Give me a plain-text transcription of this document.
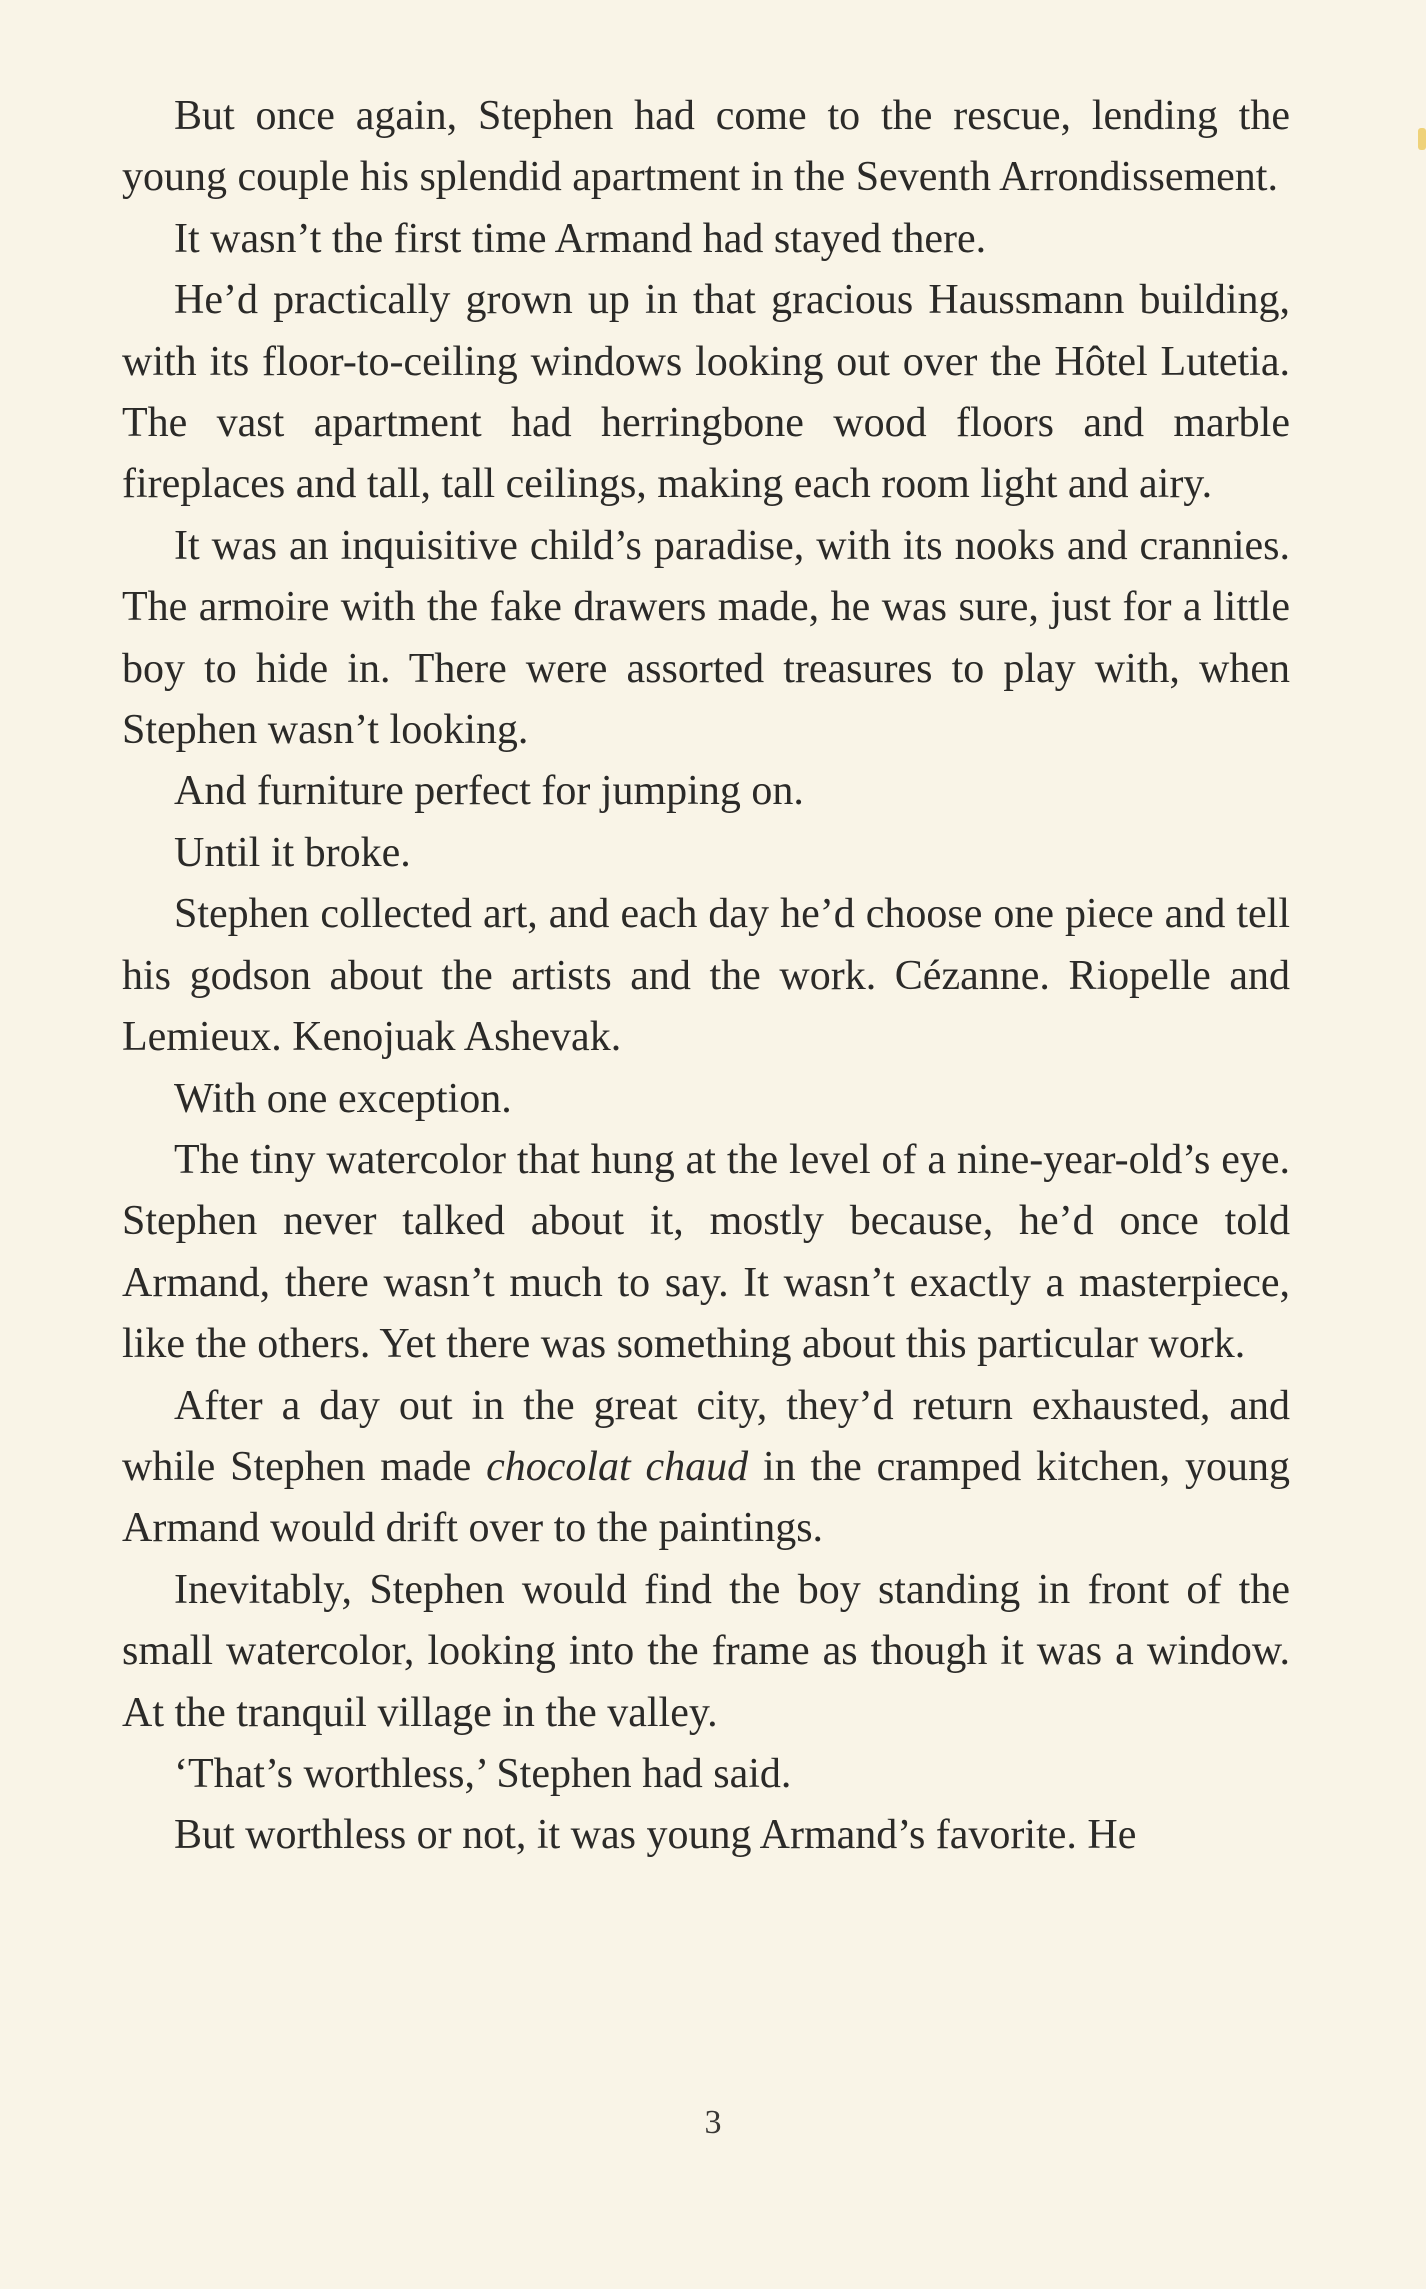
But once again, Stephen had come to the rescue, lending the young couple his splendid apartment in the Seventh Arrondissement.

It wasn’t the first time Armand had stayed there.

He’d practically grown up in that gracious Haussmann building, with its floor-to-ceiling windows looking out over the Hôtel Lutetia. The vast apartment had herringbone wood floors and marble fireplaces and tall, tall ceilings, making each room light and airy.

It was an inquisitive child’s paradise, with its nooks and crannies. The armoire with the fake drawers made, he was sure, just for a little boy to hide in. There were assorted treasures to play with, when Stephen wasn’t looking.

And furniture perfect for jumping on.

Until it broke.

Stephen collected art, and each day he’d choose one piece and tell his godson about the artists and the work. Cézanne. Riopelle and Lemieux. Kenojuak Ashevak.

With one exception.

The tiny watercolor that hung at the level of a nine-year-old’s eye. Stephen never talked about it, mostly because, he’d once told Armand, there wasn’t much to say. It wasn’t exactly a masterpiece, like the others. Yet there was something about this particular work.

After a day out in the great city, they’d return exhausted, and while Stephen made chocolat chaud in the cramped kitchen, young Armand would drift over to the paintings.

Inevitably, Stephen would find the boy standing in front of the small watercolor, looking into the frame as though it was a window. At the tranquil village in the valley.

‘That’s worthless,’ Stephen had said.

But worthless or not, it was young Armand’s favorite. He

3
